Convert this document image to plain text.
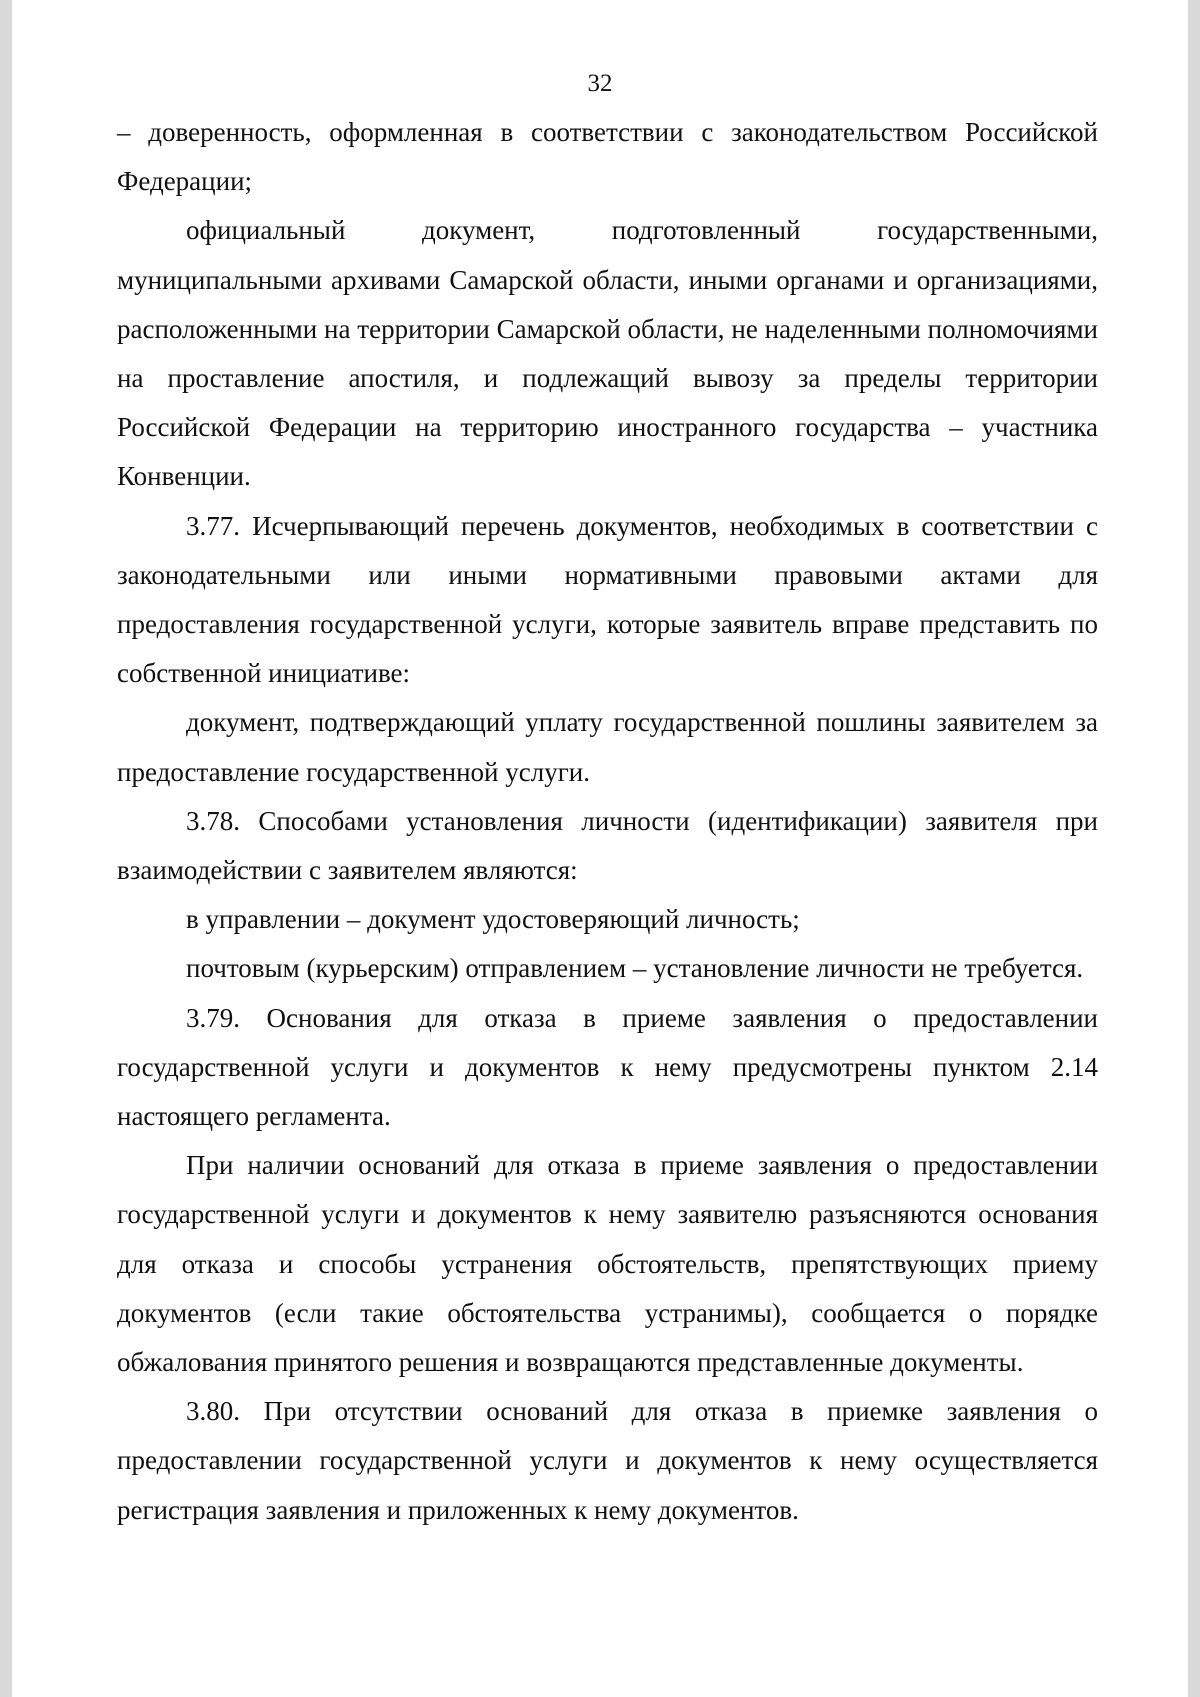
32

– доверенность, оформленная в соответствии с законодательством Российской Федерации;

официальный документ, подготовленный государственными, муниципальными архивами Самарской области, иными органами и организациями, расположенными на территории Самарской области, не наделенными полномочиями на проставление апостиля, и подлежащий вывозу за пределы территории Российской Федерации на территорию иностранного государства – участника Конвенции.

3.77. Исчерпывающий перечень документов, необходимых в соответствии с законодательными или иными нормативными правовыми актами для предоставления государственной услуги, которые заявитель вправе представить по собственной инициативе:

документ, подтверждающий уплату государственной пошлины заявителем за предоставление государственной услуги.

3.78. Способами установления личности (идентификации) заявителя при взаимодействии с заявителем являются:

в управлении – документ удостоверяющий личность;

почтовым (курьерским) отправлением – установление личности не требуется.

3.79. Основания для отказа в приеме заявления о предоставлении государственной услуги и документов к нему предусмотрены пунктом 2.14 настоящего регламента.

При наличии оснований для отказа в приеме заявления о предоставлении государственной услуги и документов к нему заявителю разъясняются основания для отказа и способы устранения обстоятельств, препятствующих приему документов (если такие обстоятельства устранимы), сообщается о порядке обжалования принятого решения и возвращаются представленные документы.

3.80. При отсутствии оснований для отказа в приемке заявления о предоставлении государственной услуги и документов к нему осуществляется регистрация заявления и приложенных к нему документов.
